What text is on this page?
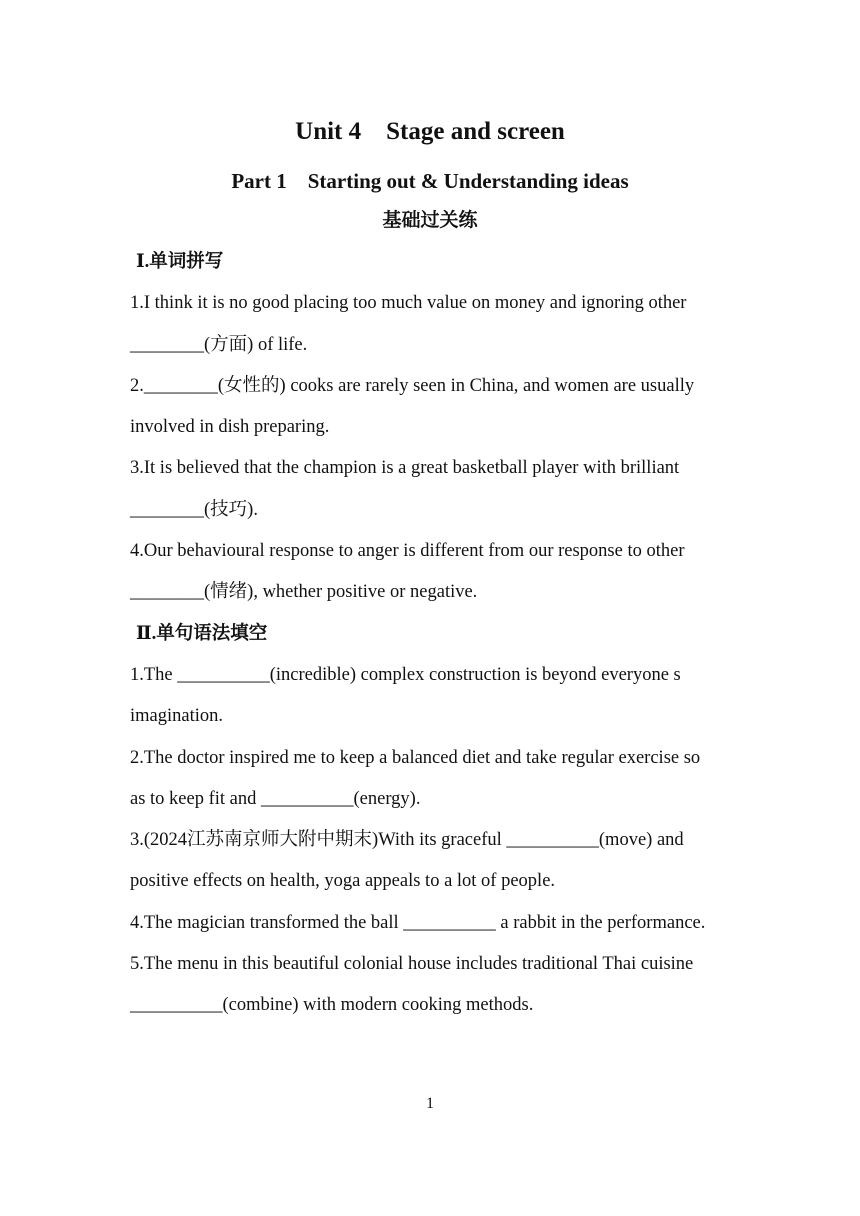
Unit 4    Stage and screen
Part 1    Starting out & Understanding ideas
基础过关练
Ⅰ.单词拼写

1.I think it is no good placing too much value on money and ignoring other ________(方面) of life.

2.________(女性的) cooks are rarely seen in China, and women are usually involved in dish preparing.

3.It is believed that the champion is a great basketball player with brilliant ________(技巧).

4.Our behavioural response to anger is different from our response to other ________(情绪), whether positive or negative.

Ⅱ.单句语法填空

1.The __________(incredible) complex construction is beyond everyone s imagination.

2.The doctor inspired me to keep a balanced diet and take regular exercise so as to keep fit and __________(energy).

3.(2024江苏南京师大附中期末)With its graceful __________(move) and positive effects on health, yoga appeals to a lot of people.

4.The magician transformed the ball __________ a rabbit in the performance.

5.The menu in this beautiful colonial house includes traditional Thai cuisine __________(combine) with modern cooking methods.

1
